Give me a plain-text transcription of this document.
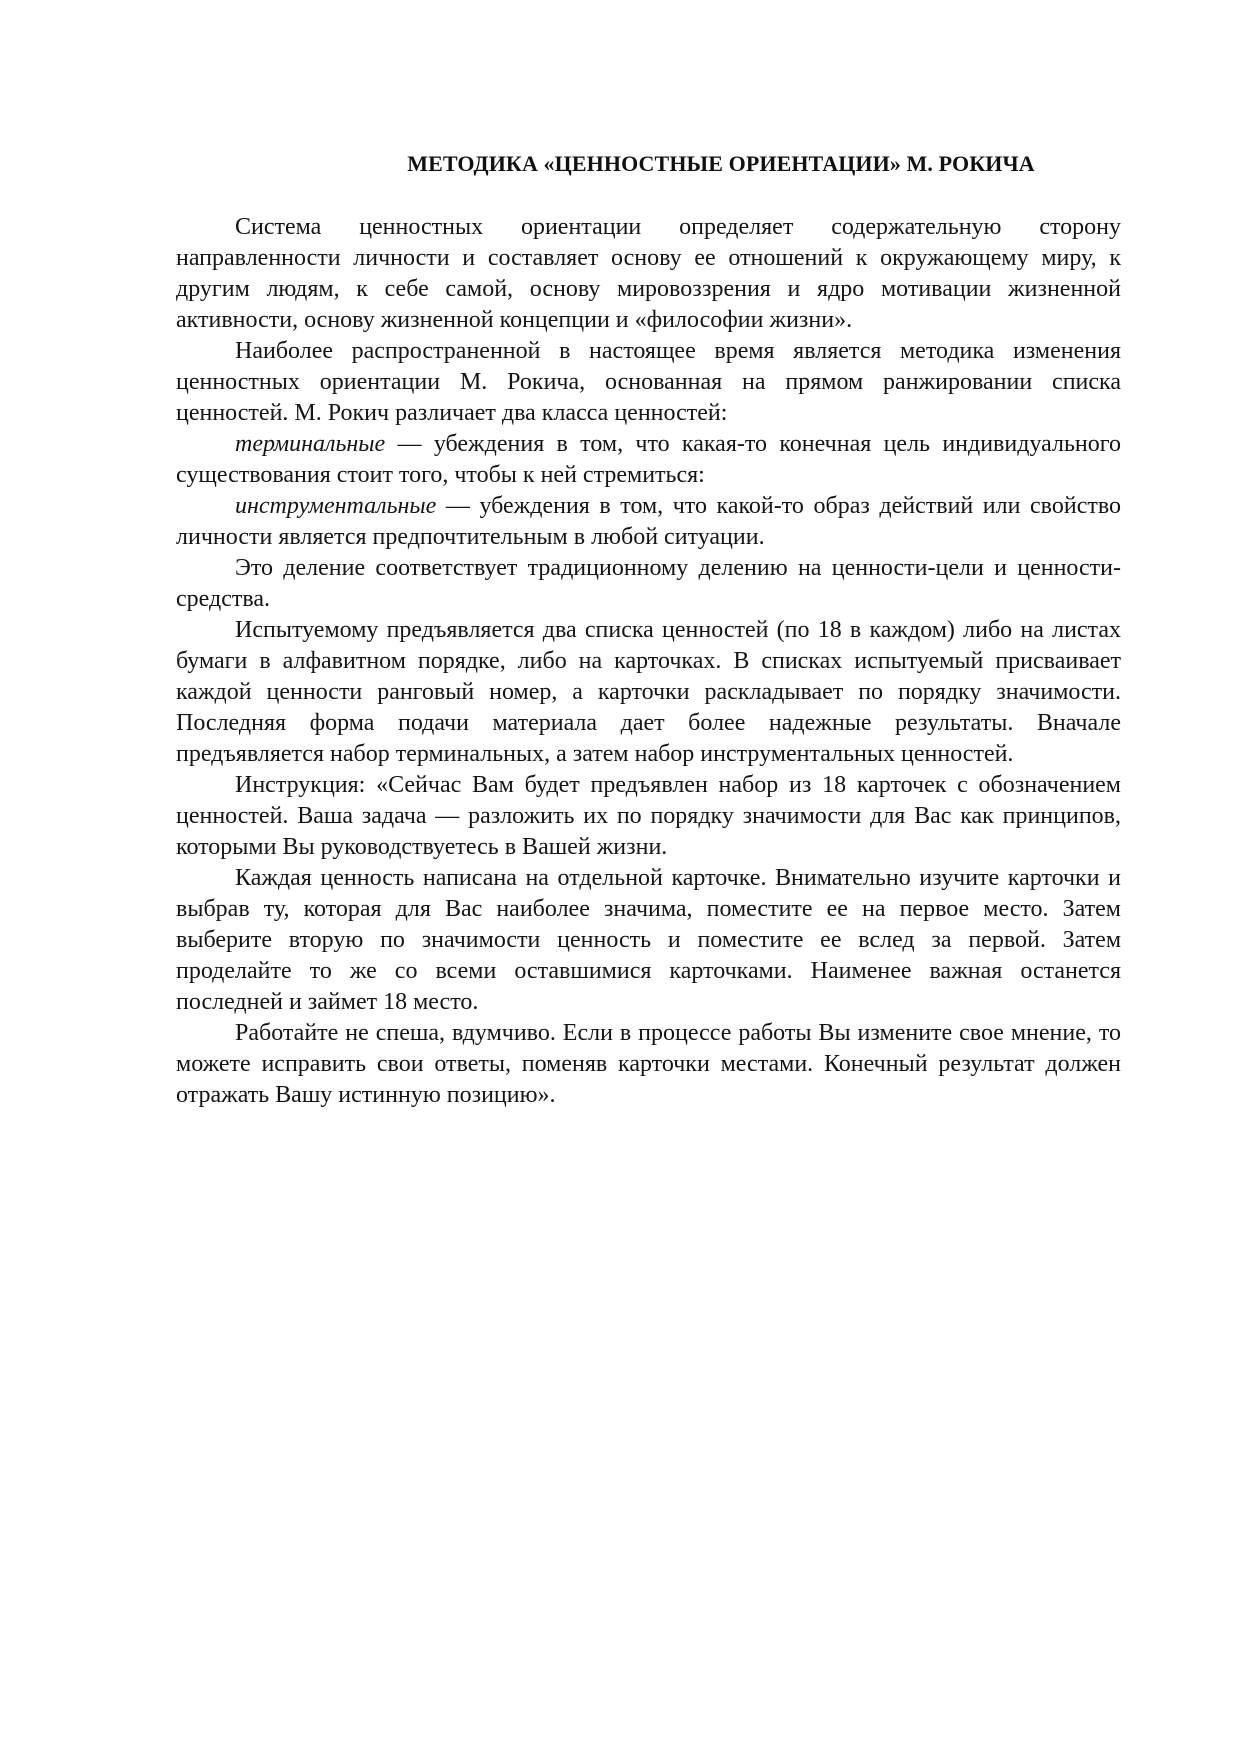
МЕТОДИКА «ЦЕННОСТНЫЕ ОРИЕНТАЦИИ» М. РОКИЧА

Система ценностных ориентации определяет содержательную сторону направленности личности и составляет основу ее отношений к окружающему миру, к другим людям, к себе самой, основу мировоззрения и ядро мотивации жизненной активности, основу жизненной концепции и «философии жизни».

Наиболее распространенной в настоящее время является методика изменения ценностных ориентации М. Рокича, основанная на прямом ранжировании списка ценностей. М. Рокич различает два класса ценностей:

терминальные — убеждения в том, что какая-то конечная цель индивидуального существования стоит того, чтобы к ней стремиться:

инструментальные — убеждения в том, что какой-то образ действий или свойство личности является предпочтительным в любой ситуации.

Это деление соответствует традиционному делению на ценности-цели и ценности-средства.

Испытуемому предъявляется два списка ценностей (по 18 в каждом) либо на листах бумаги в алфавитном порядке, либо на карточках. В списках испытуемый присваивает каждой ценности ранговый номер, а карточки раскладывает по порядку значимости. Последняя форма подачи материала дает более надежные результаты. Вначале предъявляется набор терминальных, а затем набор инструментальных ценностей.

Инструкция: «Сейчас Вам будет предъявлен набор из 18 карточек с обозначением ценностей. Ваша задача — разложить их по порядку значимости для Вас как принципов, которыми Вы руководствуетесь в Вашей жизни.

Каждая ценность написана на отдельной карточке. Внимательно изучите карточки и выбрав ту, которая для Вас наиболее значима, поместите ее на первое место. Затем выберите вторую по значимости ценность и поместите ее вслед за первой. Затем проделайте то же со всеми оставшимися карточками. Наименее важная останется последней и займет 18 место.

Работайте не спеша, вдумчиво. Если в процессе работы Вы измените свое мнение, то можете исправить свои ответы, поменяв карточки местами. Конечный результат должен отражать Вашу истинную позицию».
